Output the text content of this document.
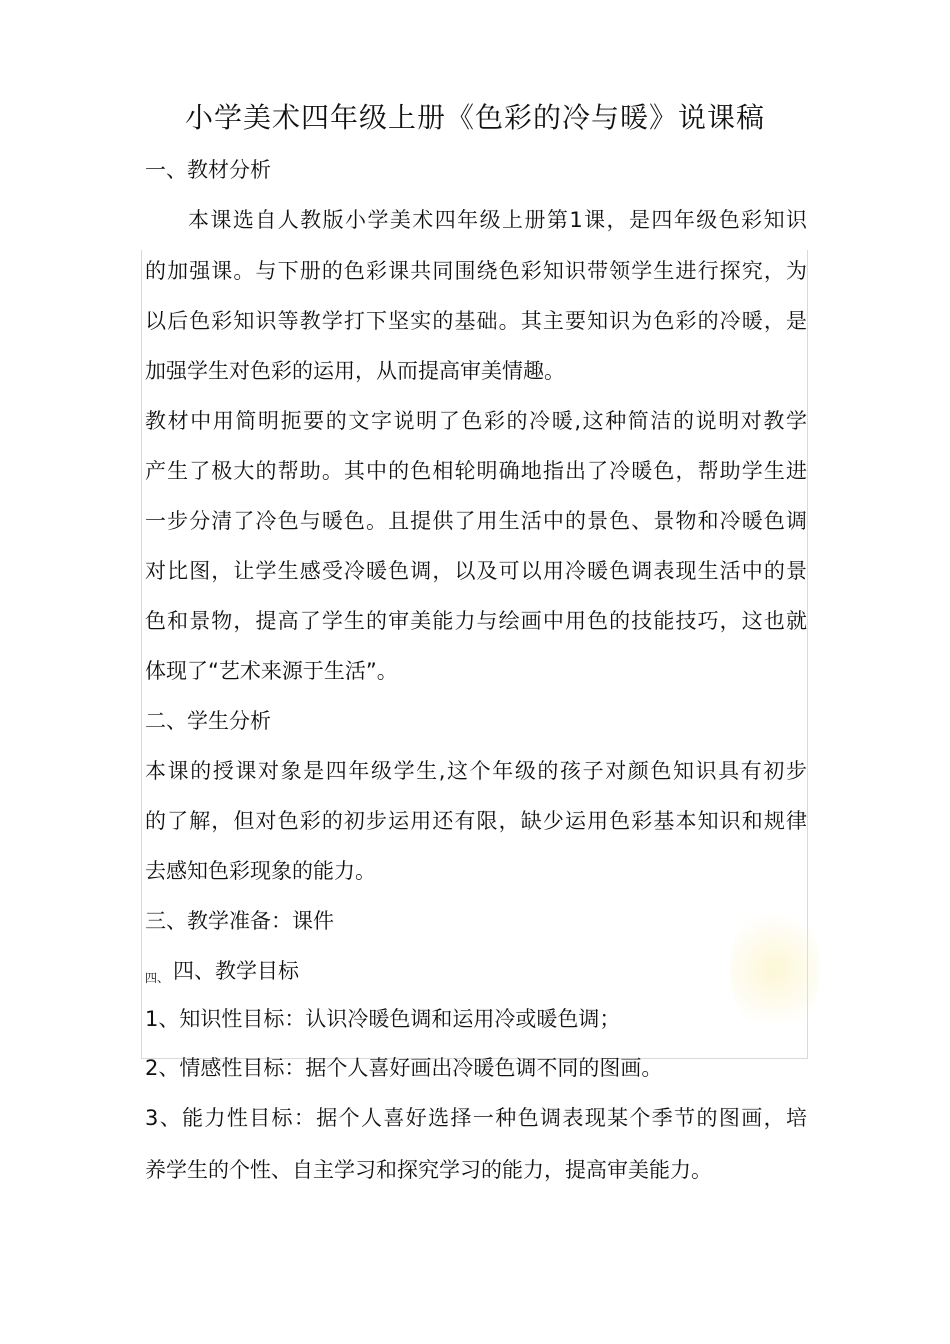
小学美术四年级上册《色彩的冷与暖》说课稿
一、教材分析
本课选自人教版小学美术四年级上册第1课，是四年级色彩知识
的加强课。与下册的色彩课共同围绕色彩知识带领学生进行探究，为
以后色彩知识等教学打下坚实的基础。其主要知识为色彩的冷暖，是
加强学生对色彩的运用，从而提高审美情趣。
教材中用简明扼要的文字说明了色彩的冷暖,这种简洁的说明对教学
产生了极大的帮助。其中的色相轮明确地指出了冷暖色，帮助学生进
一步分清了冷色与暖色。且提供了用生活中的景色、景物和冷暖色调
对比图，让学生感受冷暖色调，以及可以用冷暖色调表现生活中的景
色和景物，提高了学生的审美能力与绘画中用色的技能技巧，这也就
体现了“艺术来源于生活”。
二、学生分析
本课的授课对象是四年级学生,这个年级的孩子对颜色知识具有初步
的了解，但对色彩的初步运用还有限，缺少运用色彩基本知识和规律
去感知色彩现象的能力。
三、教学准备：课件
四、 四、教学目标
1、知识性目标：认识冷暖色调和运用冷或暖色调；
2、情感性目标：据个人喜好画出冷暖色调不同的图画。
3、能力性目标：据个人喜好选择一种色调表现某个季节的图画，培
养学生的个性、自主学习和探究学习的能力，提高审美能力。
